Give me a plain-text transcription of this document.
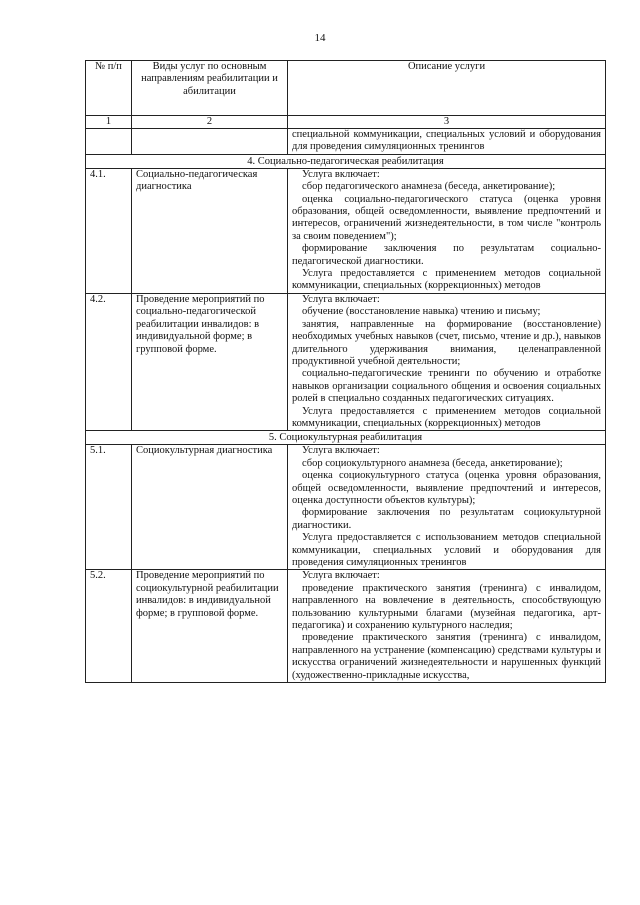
14
№ п/п	Виды услуг по основным направлениям реабилитации и абилитации	Описание услуги
1	2	3

		специальной коммуникации, специальных условий и оборудования для проведения симуляционных тренингов

4. Социально-педагогическая реабилитация		
4.1.	Социально-педагогическая диагностика	Услуга включает:

сбор педагогического анамнеза (беседа, анкетирование);

оценка социально-педагогического статуса (оценка уровня образования, общей осведомленности, выявление предпочтений и интересов, ограничений жизнедеятельности, в том числе "контроль за своим поведением");

формирование заключения по результатам социально-педагогической диагностики.

Услуга предоставляется с применением методов социальной коммуникации, специальных (коррекционных) методов

4.2.	Проведение мероприятий по социально-педагогической реабилитации инвалидов: в индивидуальной форме; в групповой форме.	Услуга включает:

обучение (восстановление навыка) чтению и письму;

занятия, направленные на формирование (восстановление) необходимых учебных навыков (счет, письмо, чтение и др.), навыков длительного удерживания внимания, целенаправленной продуктивной учебной деятельности;

социально-педагогические тренинги по обучению и отработке навыков организации социального общения и освоения социальных ролей в специально созданных педагогических ситуациях.

Услуга предоставляется с применением методов социальной коммуникации, специальных (коррекционных) методов

5. Социокультурная реабилитация		
5.1.	Социокультурная диагностика	Услуга включает:

сбор социокультурного анамнеза (беседа, анкетирование);

оценка социокультурного статуса (оценка уровня образования, общей осведомленности, выявление предпочтений и интересов, оценка доступности объектов культуры);

формирование заключения по результатам социокультурной диагностики.

Услуга предоставляется с использованием методов специальной коммуникации, специальных условий и оборудования для проведения симуляционных тренингов

5.2.	Проведение мероприятий по социокультурной реабилитации инвалидов: в индивидуальной форме; в групповой форме.	Услуга включает:

проведение практического занятия (тренинга) с инвалидом, направленного на вовлечение в деятельность, способствующую пользованию культурными благами (музейная педагогика, арт-педагогика) и сохранению культурного наследия;

проведение практического занятия (тренинга) с инвалидом, направленного на устранение (компенсацию) средствами культуры и искусства ограничений жизнедеятельности и нарушенных функций (художественно-прикладные искусства,
